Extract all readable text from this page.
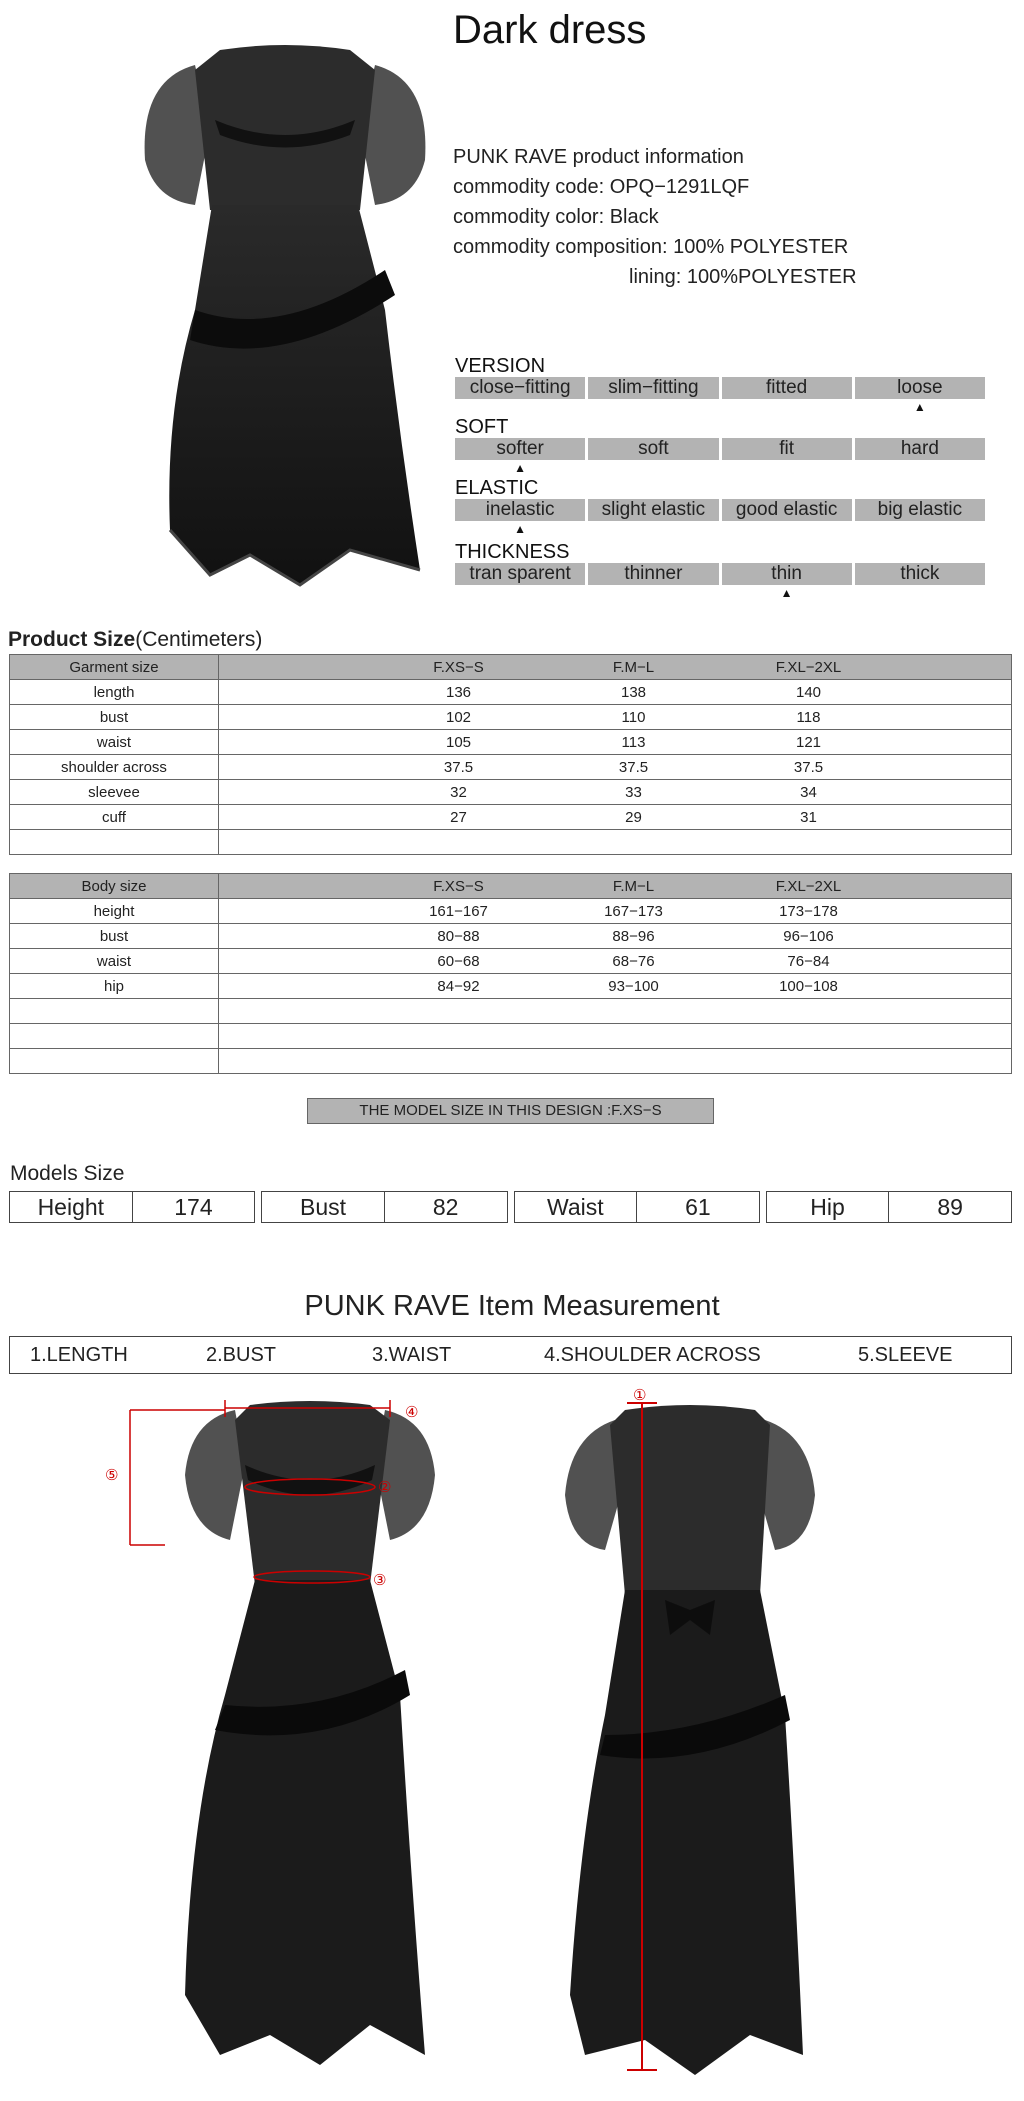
Dark dress
PUNK RAVE product information
commodity code: OPQ−1291LQF
commodity color: Black
commodity composition: 100% POLYESTER
lining: 100%POLYESTER
VERSION
close−fitting	slim−fitting	fitted	loose
▲
SOFT
softer
▲
soft	fit	hard
ELASTIC
inelastic
▲
slight elastic	good elastic	big elastic
THICKNESS
tran sparent	thinner	thin
▲
thick
Product Size(Centimeters)
Garment size	F.XS−S F.M−L F.XL−2XL

length	136 138 140

bust	102 110 118

waist	105 113 121

shoulder across	37.5 37.5 37.5

sleevee	32 33 34

cuff	27 29 31

Body size	F.XS−S F.M−L F.XL−2XL

height	161−167 167−173 173−178

bust	80−88 88−96 96−106

waist	60−68 68−76 76−84

hip	84−92 93−100 100−108

THE MODEL SIZE IN THIS DESIGN :F.XS−S
Models Size
Height	174	Bust	82	Waist	61	Hip	89
PUNK RAVE Item Measurement
1.LENGTH	2.BUST	3.WAIST	4.SHOULDER ACROSS	5.SLEEVE
⑤
④
②
③
①
